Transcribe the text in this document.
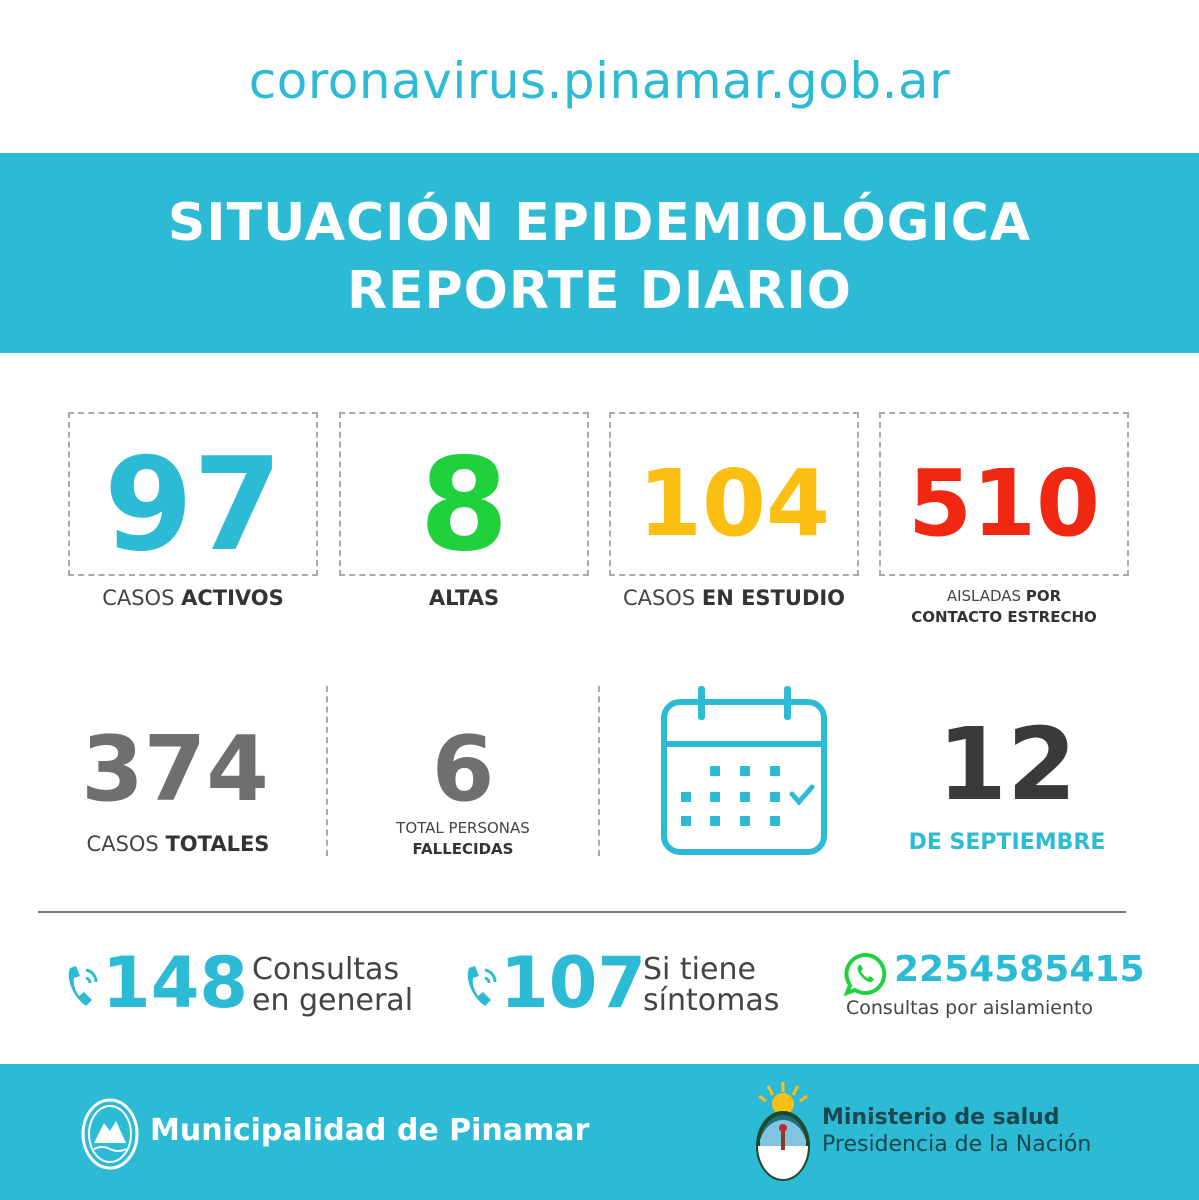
coronavirus.pinamar.gob.ar
SITUACIÓN EPIDEMIOLÓGICA
REPORTE DIARIO
97
CASOS ACTIVOS
8
ALTAS
104
CASOS EN ESTUDIO
510
AISLADAS POR
CONTACTO ESTRECHO
374
CASOS TOTALES
6
TOTAL PERSONAS
FALLECIDAS
12
DE SEPTIEMBRE
148 Consultas
en general 107
Si tiene
síntomas
2254585415
Consultas por aislamiento
Municipalidad de Pinamar	Ministerio de salud
Presidencia de la Nación
